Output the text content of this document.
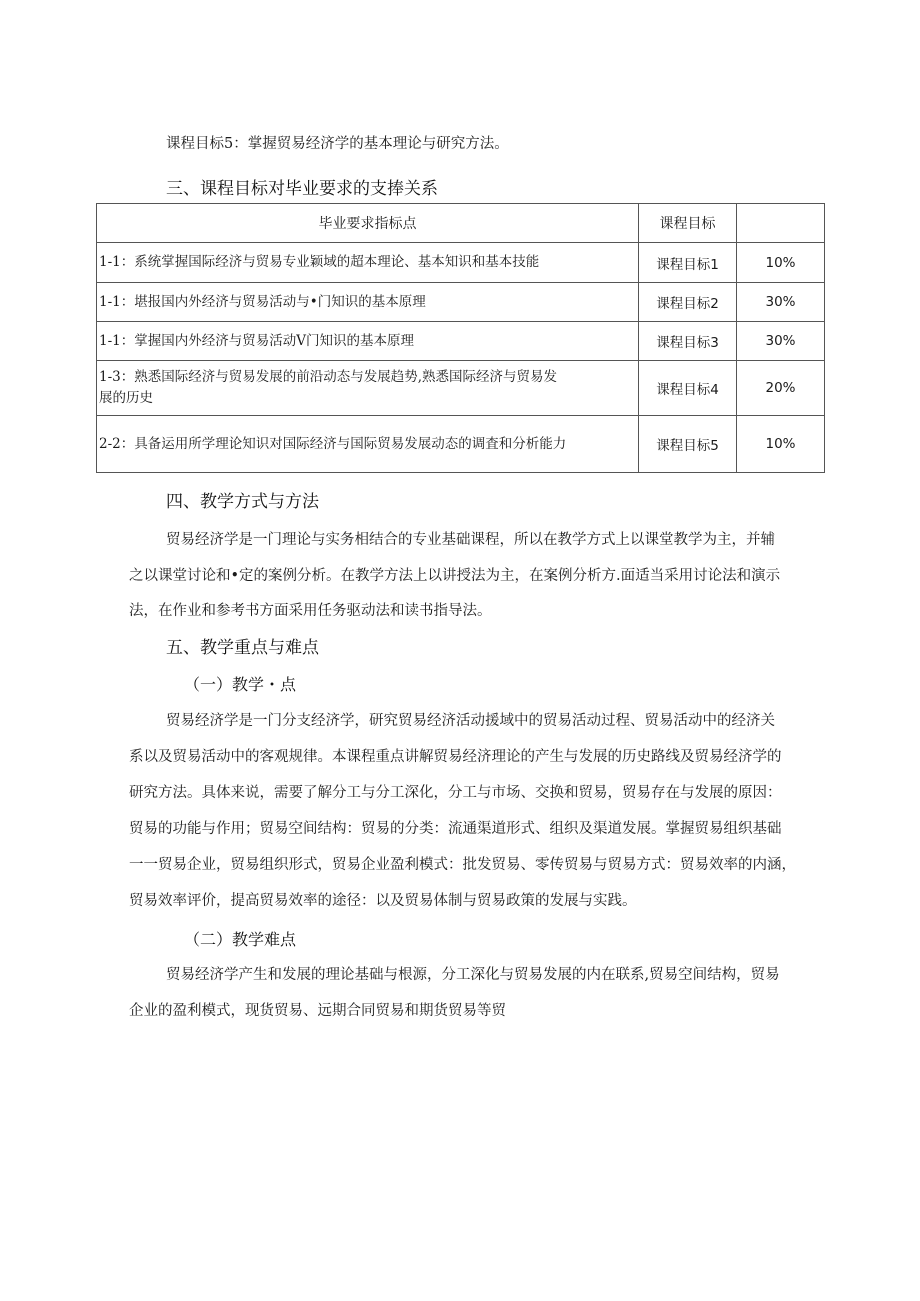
课程目标5：掌握贸易经济学的基本理论与研究方法。
三、课程目标对毕业要求的支捧关系
毕业要求指标点	课程目标	
1-1：系统掌握国际经济与贸易专业颖域的超本理论、基本知识和基本技能	课程目标1	10%
1-1：堪报国内外经济与贸易活动与•门知识的基本原理	课程目标2	30%
1-1：掌握国内外经济与贸易活动V门知识的基本原理	课程目标3	30%

1-3：熟悉国际经济与贸易发展的前沿动态与发展趋势,熟悉国际经济与贸易发
展的历史	课程目标4	20%
2-2：具备运用所学理论知识对国际经济与国际贸易发展动态的调査和分析能力	课程目标5	10%
四、教学方式与方法
贸易经济学是一门理论与实务相结合的专业基础课程，所以在教学方式上以课堂教学为主，并辅
之以课堂讨论和•定的案例分析。在教学方法上以讲授法为主，在案例分析方.面适当采用讨论法和演示
法，在作业和参考书方面采用任务驱动法和读书指导法。
五、教学重点与难点
（一）教学・点
贸易经济学是一门分支经济学，研究贸易经济活动援域中的贸易活动过程、贸易活动中的经济关
系以及贸易活动中的客观规律。本课程重点讲解贸易经济理论的产生与发展的历史路线及贸易经济学的
研究方法。具体来说，需要了解分工与分工深化，分工与市场、交换和贸易，贸易存在与发展的原因：
贸易的功能与作用；贸易空间结构：贸易的分类：流通渠道形式、组织及渠道发展。掌握贸易组织基础
一一贸易企业，贸易组织形式，贸易企业盈利模式：批发贸易、零传贸易与贸易方式：贸易效率的内涵，
贸易效率评价，提高贸易效率的途径：以及贸易体制与贸易政策的发展与实践。
（二）教学难点
贸易经济学产生和发展的理论基础与根源，分工深化与贸易发展的内在联系,贸易空间结构，贸易
企业的盈利模式，现货贸易、远期合同贸易和期货贸易等贸
